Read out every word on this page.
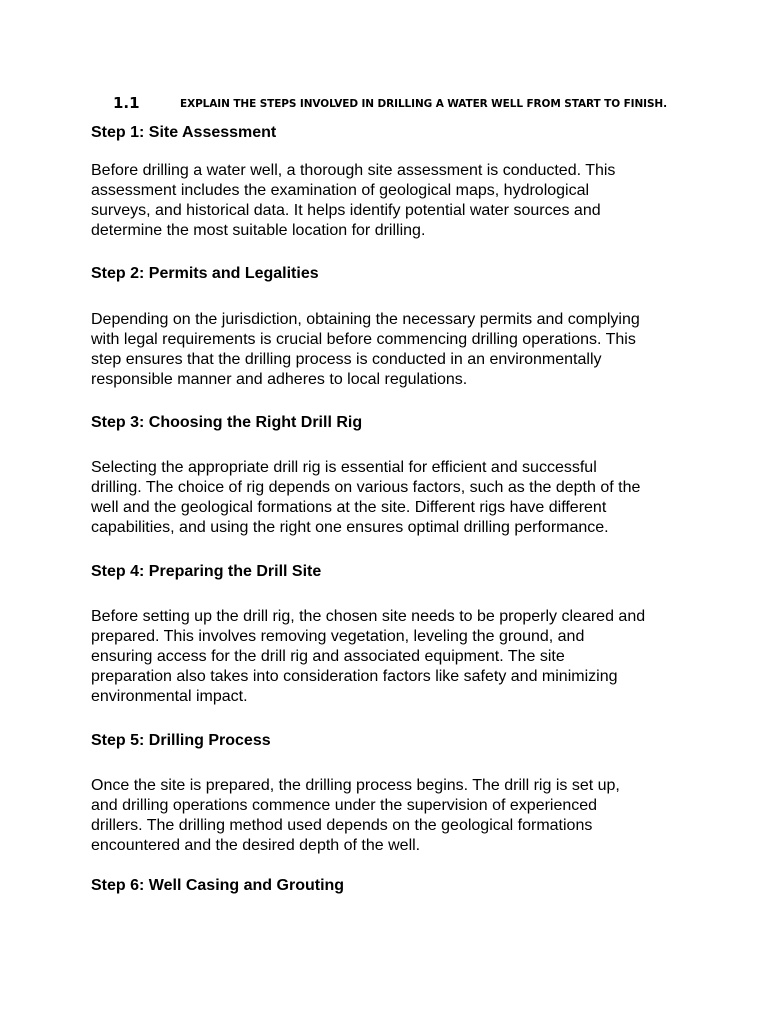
1.1	EXPLAIN THE STEPS INVOLVED IN DRILLING A WATER WELL FROM START TO FINISH.
Step 1: Site Assessment
Before drilling a water well, a thorough site assessment is conducted. This
assessment includes the examination of geological maps, hydrological
surveys, and historical data. It helps identify potential water sources and
determine the most suitable location for drilling.
Step 2: Permits and Legalities
Depending on the jurisdiction, obtaining the necessary permits and complying
with legal requirements is crucial before commencing drilling operations. This
step ensures that the drilling process is conducted in an environmentally
responsible manner and adheres to local regulations.
Step 3: Choosing the Right Drill Rig
Selecting the appropriate drill rig is essential for efficient and successful
drilling. The choice of rig depends on various factors, such as the depth of the
well and the geological formations at the site. Different rigs have different
capabilities, and using the right one ensures optimal drilling performance.
Step 4: Preparing the Drill Site
Before setting up the drill rig, the chosen site needs to be properly cleared and
prepared. This involves removing vegetation, leveling the ground, and
ensuring access for the drill rig and associated equipment. The site
preparation also takes into consideration factors like safety and minimizing
environmental impact.
Step 5: Drilling Process
Once the site is prepared, the drilling process begins. The drill rig is set up,
and drilling operations commence under the supervision of experienced
drillers. The drilling method used depends on the geological formations
encountered and the desired depth of the well.
Step 6: Well Casing and Grouting
